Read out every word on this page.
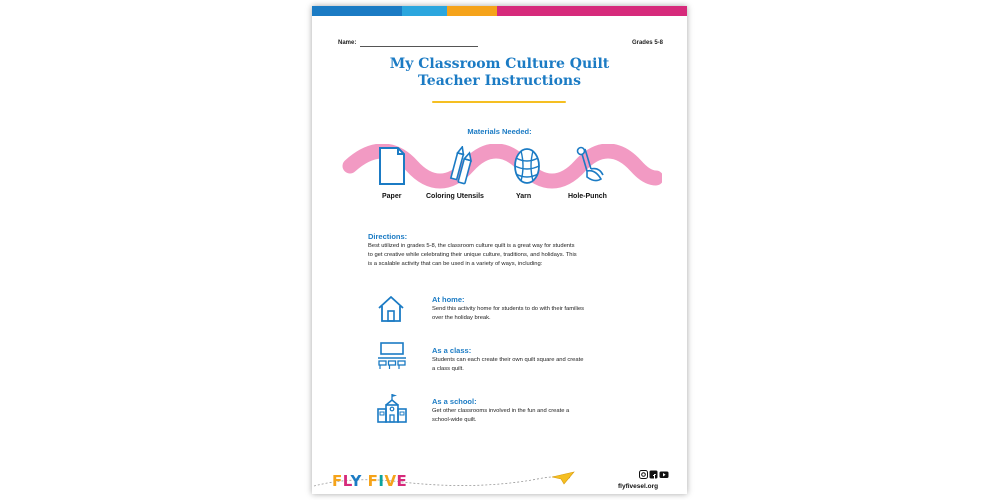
Name:	Grades 5-8
My Classroom Culture Quilt
Teacher Instructions
Materials Needed:
Paper	Coloring Utensils	Yarn	Hole-Punch
Directions:
Best utilized in grades 5-8, the classroom culture quilt is a great way for students
to get creative while celebrating their unique culture, traditions, and holidays. This
is a scalable activity that can be used in a variety of ways, including:
At home:
Send this activity home for students to do with their families
over the holiday break.
As a class:
Students can each create their own quilt square and create
a class quilt.
As a school:
Get other classrooms involved in the fun and create a
school-wide quilt.
FLY FIVE	flyfivesel.org
